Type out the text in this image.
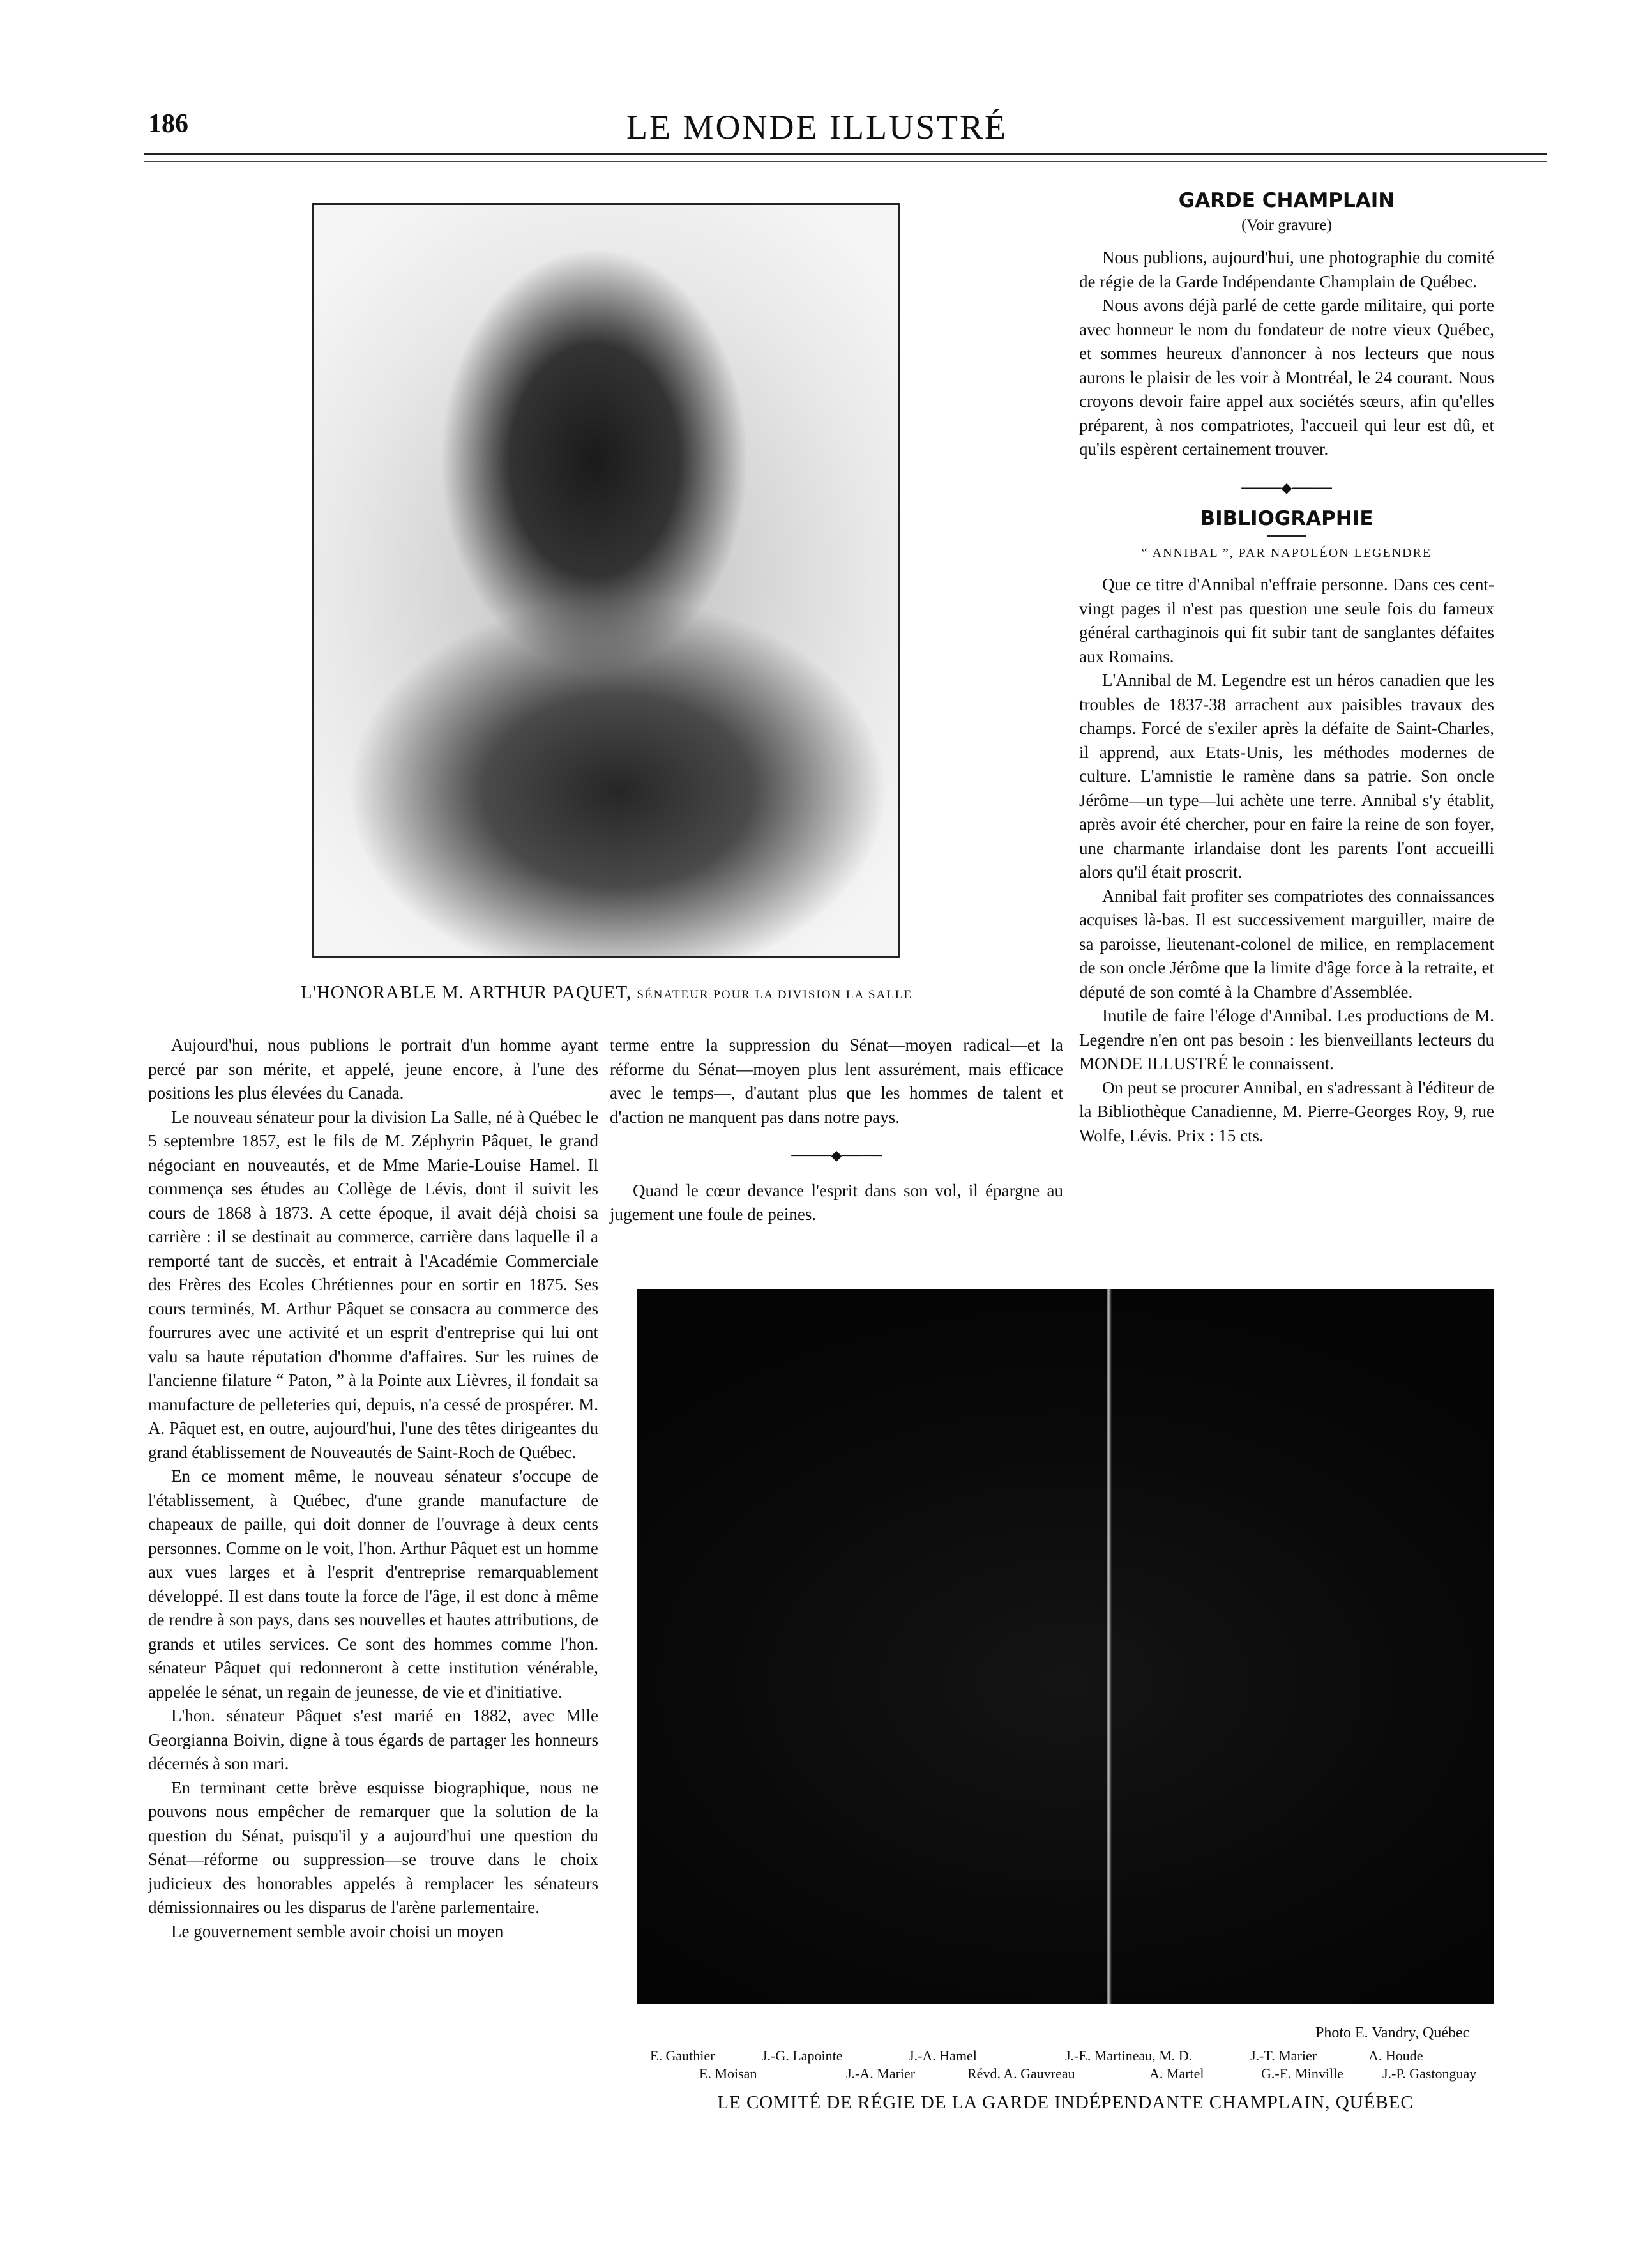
186	LE MONDE ILLUSTRÉ
L'HONORABLE M. ARTHUR PAQUET, SÉNATEUR POUR LA DIVISION LA SALLE

Aujourd'hui, nous publions le portrait d'un homme ayant percé par son mérite, et appelé, jeune encore, à l'une des positions les plus élevées du Canada.

Le nouveau sénateur pour la division La Salle, né à Québec le 5 septembre 1857, est le fils de M. Zéphyrin Pâquet, le grand négociant en nouveautés, et de Mme Marie-Louise Hamel. Il commença ses études au Collège de Lévis, dont il suivit les cours de 1868 à 1873. A cette époque, il avait déjà choisi sa carrière : il se destinait au commerce, carrière dans laquelle il a remporté tant de succès, et entrait à l'Académie Commerciale des Frères des Ecoles Chrétiennes pour en sortir en 1875. Ses cours terminés, M. Arthur Pâquet se consacra au commerce des fourrures avec une activité et un esprit d'entreprise qui lui ont valu sa haute réputation d'homme d'affaires. Sur les ruines de l'ancienne filature “ Paton, ” à la Pointe aux Lièvres, il fondait sa manufacture de pelleteries qui, depuis, n'a cessé de prospérer. M. A. Pâquet est, en outre, aujourd'hui, l'une des têtes dirigeantes du grand établissement de Nouveautés de Saint-Roch de Québec.

En ce moment même, le nouveau sénateur s'occupe de l'établissement, à Québec, d'une grande manufacture de chapeaux de paille, qui doit donner de l'ouvrage à deux cents personnes. Comme on le voit, l'hon. Arthur Pâquet est un homme aux vues larges et à l'esprit d'entreprise remarquablement développé. Il est dans toute la force de l'âge, il est donc à même de rendre à son pays, dans ses nouvelles et hautes attributions, de grands et utiles services. Ce sont des hommes comme l'hon. sénateur Pâquet qui redonneront à cette institution vénérable, appelée le sénat, un regain de jeunesse, de vie et d'initiative.

L'hon. sénateur Pâquet s'est marié en 1882, avec Mlle Georgianna Boivin, digne à tous égards de partager les honneurs décernés à son mari.

En terminant cette brève esquisse biographique, nous ne pouvons nous empêcher de remarquer que la solution de la question du Sénat, puisqu'il y a aujourd'hui une question du Sénat—réforme ou suppression—se trouve dans le choix judicieux des honorables appelés à remplacer les sénateurs démissionnaires ou les disparus de l'arène parlementaire.

Le gouvernement semble avoir choisi un moyen

terme entre la suppression du Sénat—moyen radical—et la réforme du Sénat—moyen plus lent assurément, mais efficace avec le temps—, d'autant plus que les hommes de talent et d'action ne manquent pas dans notre pays.

────◆────

Quand le cœur devance l'esprit dans son vol, il épargne au jugement une foule de peines.

GARDE CHAMPLAIN
(Voir gravure)

Nous publions, aujourd'hui, une photographie du comité de régie de la Garde Indépendante Champlain de Québec.

Nous avons déjà parlé de cette garde militaire, qui porte avec honneur le nom du fondateur de notre vieux Québec, et sommes heureux d'annoncer à nos lecteurs que nous aurons le plaisir de les voir à Montréal, le 24 courant. Nous croyons devoir faire appel aux sociétés sœurs, afin qu'elles préparent, à nos compatriotes, l'accueil qui leur est dû, et qu'ils espèrent certainement trouver.

────◆────
BIBLIOGRAPHIE
“ ANNIBAL ”, PAR NAPOLÉON LEGENDRE

Que ce titre d'Annibal n'effraie personne. Dans ces cent-vingt pages il n'est pas question une seule fois du fameux général carthaginois qui fit subir tant de sanglantes défaites aux Romains.

L'Annibal de M. Legendre est un héros canadien que les troubles de 1837-38 arrachent aux paisibles travaux des champs. Forcé de s'exiler après la défaite de Saint-Charles, il apprend, aux Etats-Unis, les méthodes modernes de culture. L'amnistie le ramène dans sa patrie. Son oncle Jérôme—un type—lui achète une terre. Annibal s'y établit, après avoir été chercher, pour en faire la reine de son foyer, une charmante irlandaise dont les parents l'ont accueilli alors qu'il était proscrit.

Annibal fait profiter ses compatriotes des connaissances acquises là-bas. Il est successivement marguiller, maire de sa paroisse, lieutenant-colonel de milice, en remplacement de son oncle Jérôme que la limite d'âge force à la retraite, et député de son comté à la Chambre d'Assemblée.

Inutile de faire l'éloge d'Annibal. Les productions de M. Legendre n'en ont pas besoin : les bienveillants lecteurs du MONDE ILLUSTRÉ le connaissent.

On peut se procurer Annibal, en s'adressant à l'éditeur de la Bibliothèque Canadienne, M. Pierre-Georges Roy, 9, rue Wolfe, Lévis. Prix : 15 cts.

Photo E. Vandry, Québec
E. Gauthier	J.-G. Lapointe	J.-A. Hamel	J.-E. Martineau, M. D.	J.-T. Marier	A. Houde
E. Moisan	J.-A. Marier	Révd. A. Gauvreau	A. Martel	G.-E. Minville	J.-P. Gastonguay
LE COMITÉ DE RÉGIE DE LA GARDE INDÉPENDANTE CHAMPLAIN, QUÉBEC
